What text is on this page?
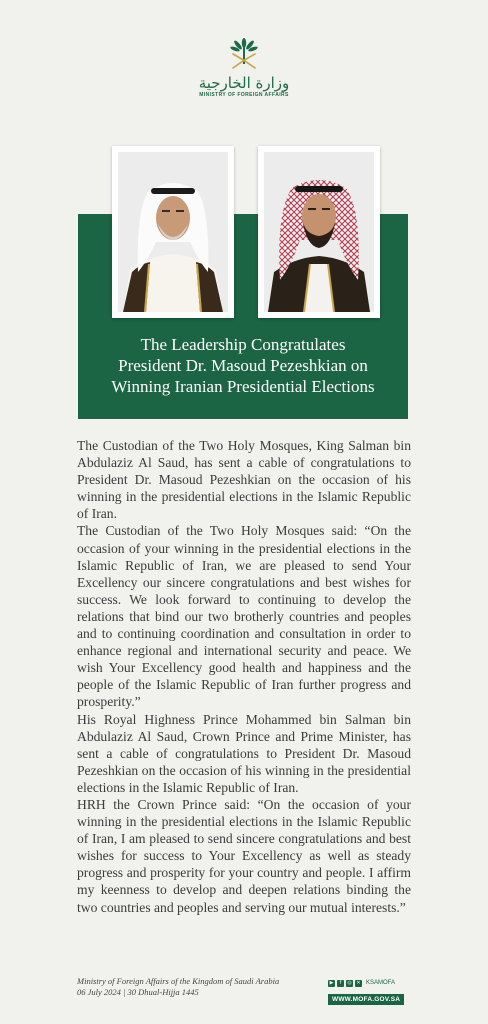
وزارة الخارجية
MINISTRY OF FOREIGN AFFAIRS
The Leadership Congratulates
President Dr. Masoud Pezeshkian on
Winning Iranian Presidential Elections

The Custodian of the Two Holy Mosques, King Salman bin Abdulaziz Al Saud, has sent a cable of congratulations to President Dr. Masoud Pezeshkian on the occasion of his winning in the presidential elections in the Islamic Republic of Iran.

The Custodian of the Two Holy Mosques said: “On the occasion of your winning in the presidential elections in the Islamic Republic of Iran, we are pleased to send Your Excellency our sincere congratulations and best wishes for success. We look forward to continuing to develop the relations that bind our two brotherly countries and peoples and to continuing coordination and consultation in order to enhance regional and international security and peace. We wish Your Excellency good health and happiness and the people of the Islamic Republic of Iran further progress and prosperity.”

His Royal Highness Prince Mohammed bin Salman bin Abdulaziz Al Saud, Crown Prince and Prime Minister, has sent a cable of congratulations to President Dr. Masoud Pezeshkian on the occasion of his winning in the presidential elections in the Islamic Republic of Iran.

HRH the Crown Prince said: “On the occasion of your winning in the presidential elections in the Islamic Republic of Iran, I am pleased to send sincere congratulations and best wishes for success to Your Excellency as well as steady progress and prosperity for your country and people. I affirm my keenness to develop and deepen relations binding the two countries and peoples and serving our mutual interests.”

Ministry of Foreign Affairs of the Kingdom of Saudi Arabia
06 July 2024 | 30 Dhual-Hijja 1445
▶	f	◎ ✕ KSAMOFA
WWW.MOFA.GOV.SA
